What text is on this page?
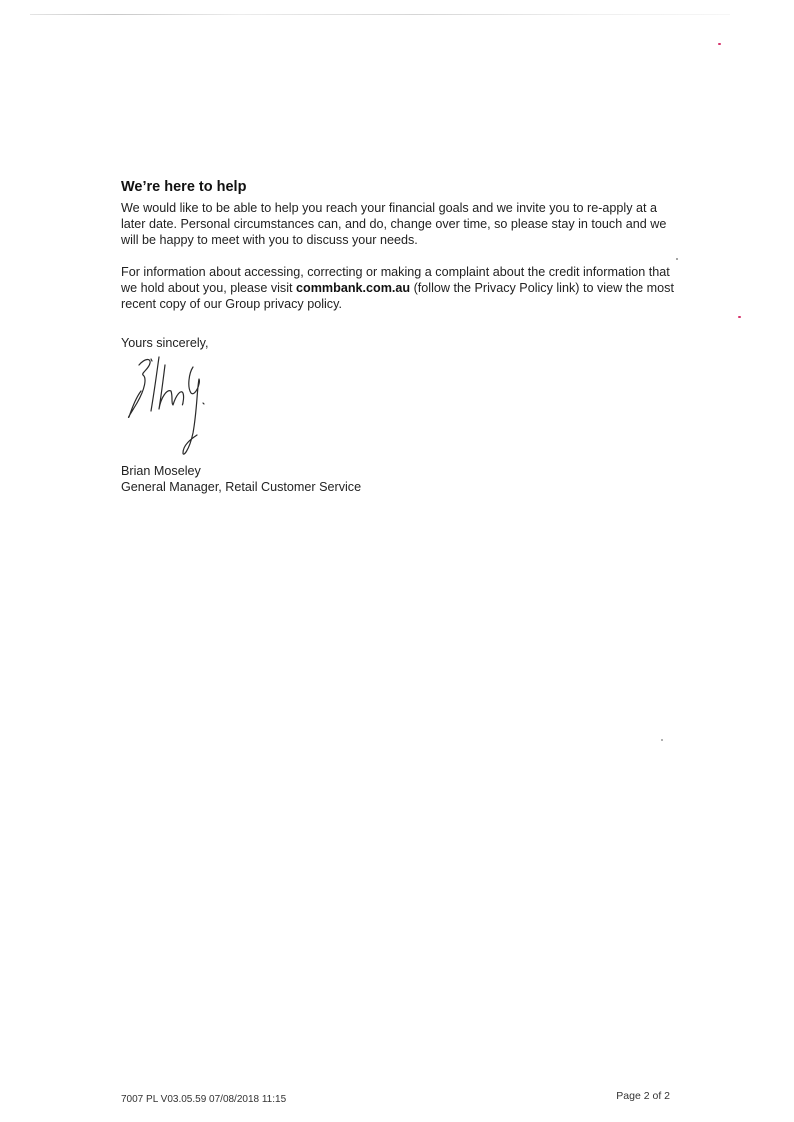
We’re here to help

We would like to be able to help you reach your financial goals and we invite you to re-apply at a later date. Personal circumstances can, and do, change over time, so please stay in touch and we will be happy to meet with you to discuss your needs.

For information about accessing, correcting or making a complaint about the credit information that we hold about you, please visit commbank.com.au (follow the Privacy Policy link) to view the most recent copy of our Group privacy policy.

Yours sincerely,
Brian Moseley
General Manager, Retail Customer Service
7007 PL V03.05.59 07/08/2018 11:15	Page 2 of 2
